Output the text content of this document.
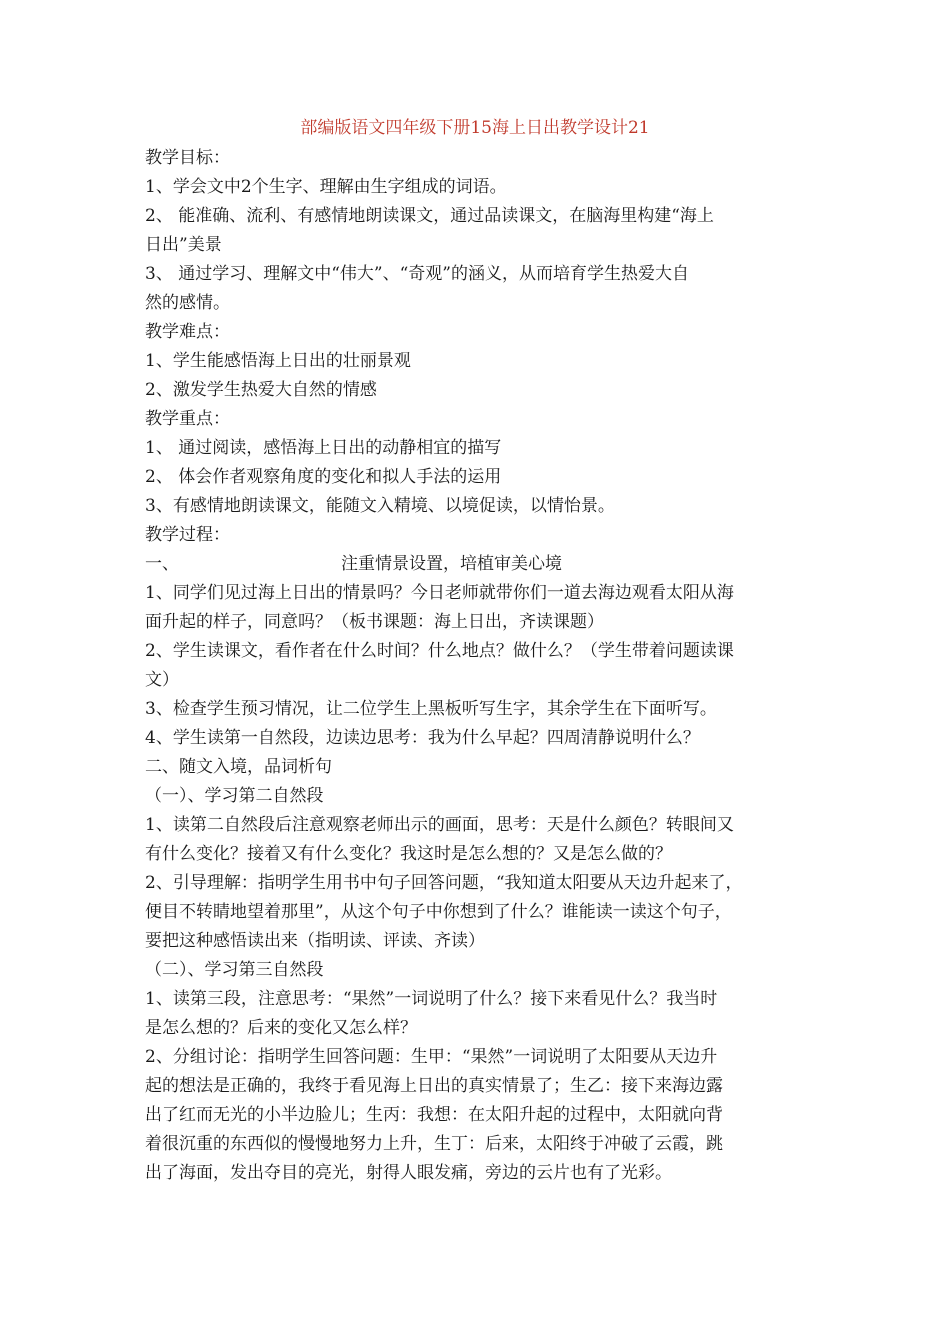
部编版语文四年级下册15海上日出教学设计21
教学目标：
1、学会文中2个生字、理解由生字组成的词语。
2、 能准确、流利、有感情地朗读课文，通过品读课文，在脑海里构建“海上
日出”美景
3、 通过学习、理解文中“伟大”、“奇观”的涵义，从而培育学生热爱大自
然的感情。
教学难点：
1、学生能感悟海上日出的壮丽景观
2、激发学生热爱大自然的情感
教学重点：
1、 通过阅读，感悟海上日出的动静相宜的描写
2、 体会作者观察角度的变化和拟人手法的运用
3、有感情地朗读课文，能随文入精境、以境促读，以情怡景。
教学过程：
一、	注重情景设置，培植审美心境
1、同学们见过海上日出的情景吗？今日老师就带你们一道去海边观看太阳从海
面升起的样子，同意吗？（板书课题：海上日出，齐读课题）
2、学生读课文，看作者在什么时间？什么地点？做什么？（学生带着问题读课
文）
3、检查学生预习情况，让二位学生上黑板听写生字，其余学生在下面听写。
4、学生读第一自然段，边读边思考：我为什么早起？四周清静说明什么？
二、随文入境，品词析句
（一）、学习第二自然段
1、读第二自然段后注意观察老师出示的画面，思考：天是什么颜色？转眼间又
有什么变化？接着又有什么变化？我这时是怎么想的？又是怎么做的？
2、引导理解：指明学生用书中句子回答问题，“我知道太阳要从天边升起来了，
便目不转睛地望着那里”，从这个句子中你想到了什么？谁能读一读这个句子，
要把这种感悟读出来（指明读、评读、齐读）
（二）、学习第三自然段
1、读第三段，注意思考：“果然”一词说明了什么？接下来看见什么？我当时
是怎么想的？后来的变化又怎么样？
2、分组讨论：指明学生回答问题：生甲：“果然”一词说明了太阳要从天边升
起的想法是正确的，我终于看见海上日出的真实情景了；生乙：接下来海边露
出了红而无光的小半边脸儿；生丙：我想：在太阳升起的过程中，太阳就向背
着很沉重的东西似的慢慢地努力上升，生丁：后来，太阳终于冲破了云霞，跳
出了海面，发出夺目的亮光，射得人眼发痛，旁边的云片也有了光彩。
